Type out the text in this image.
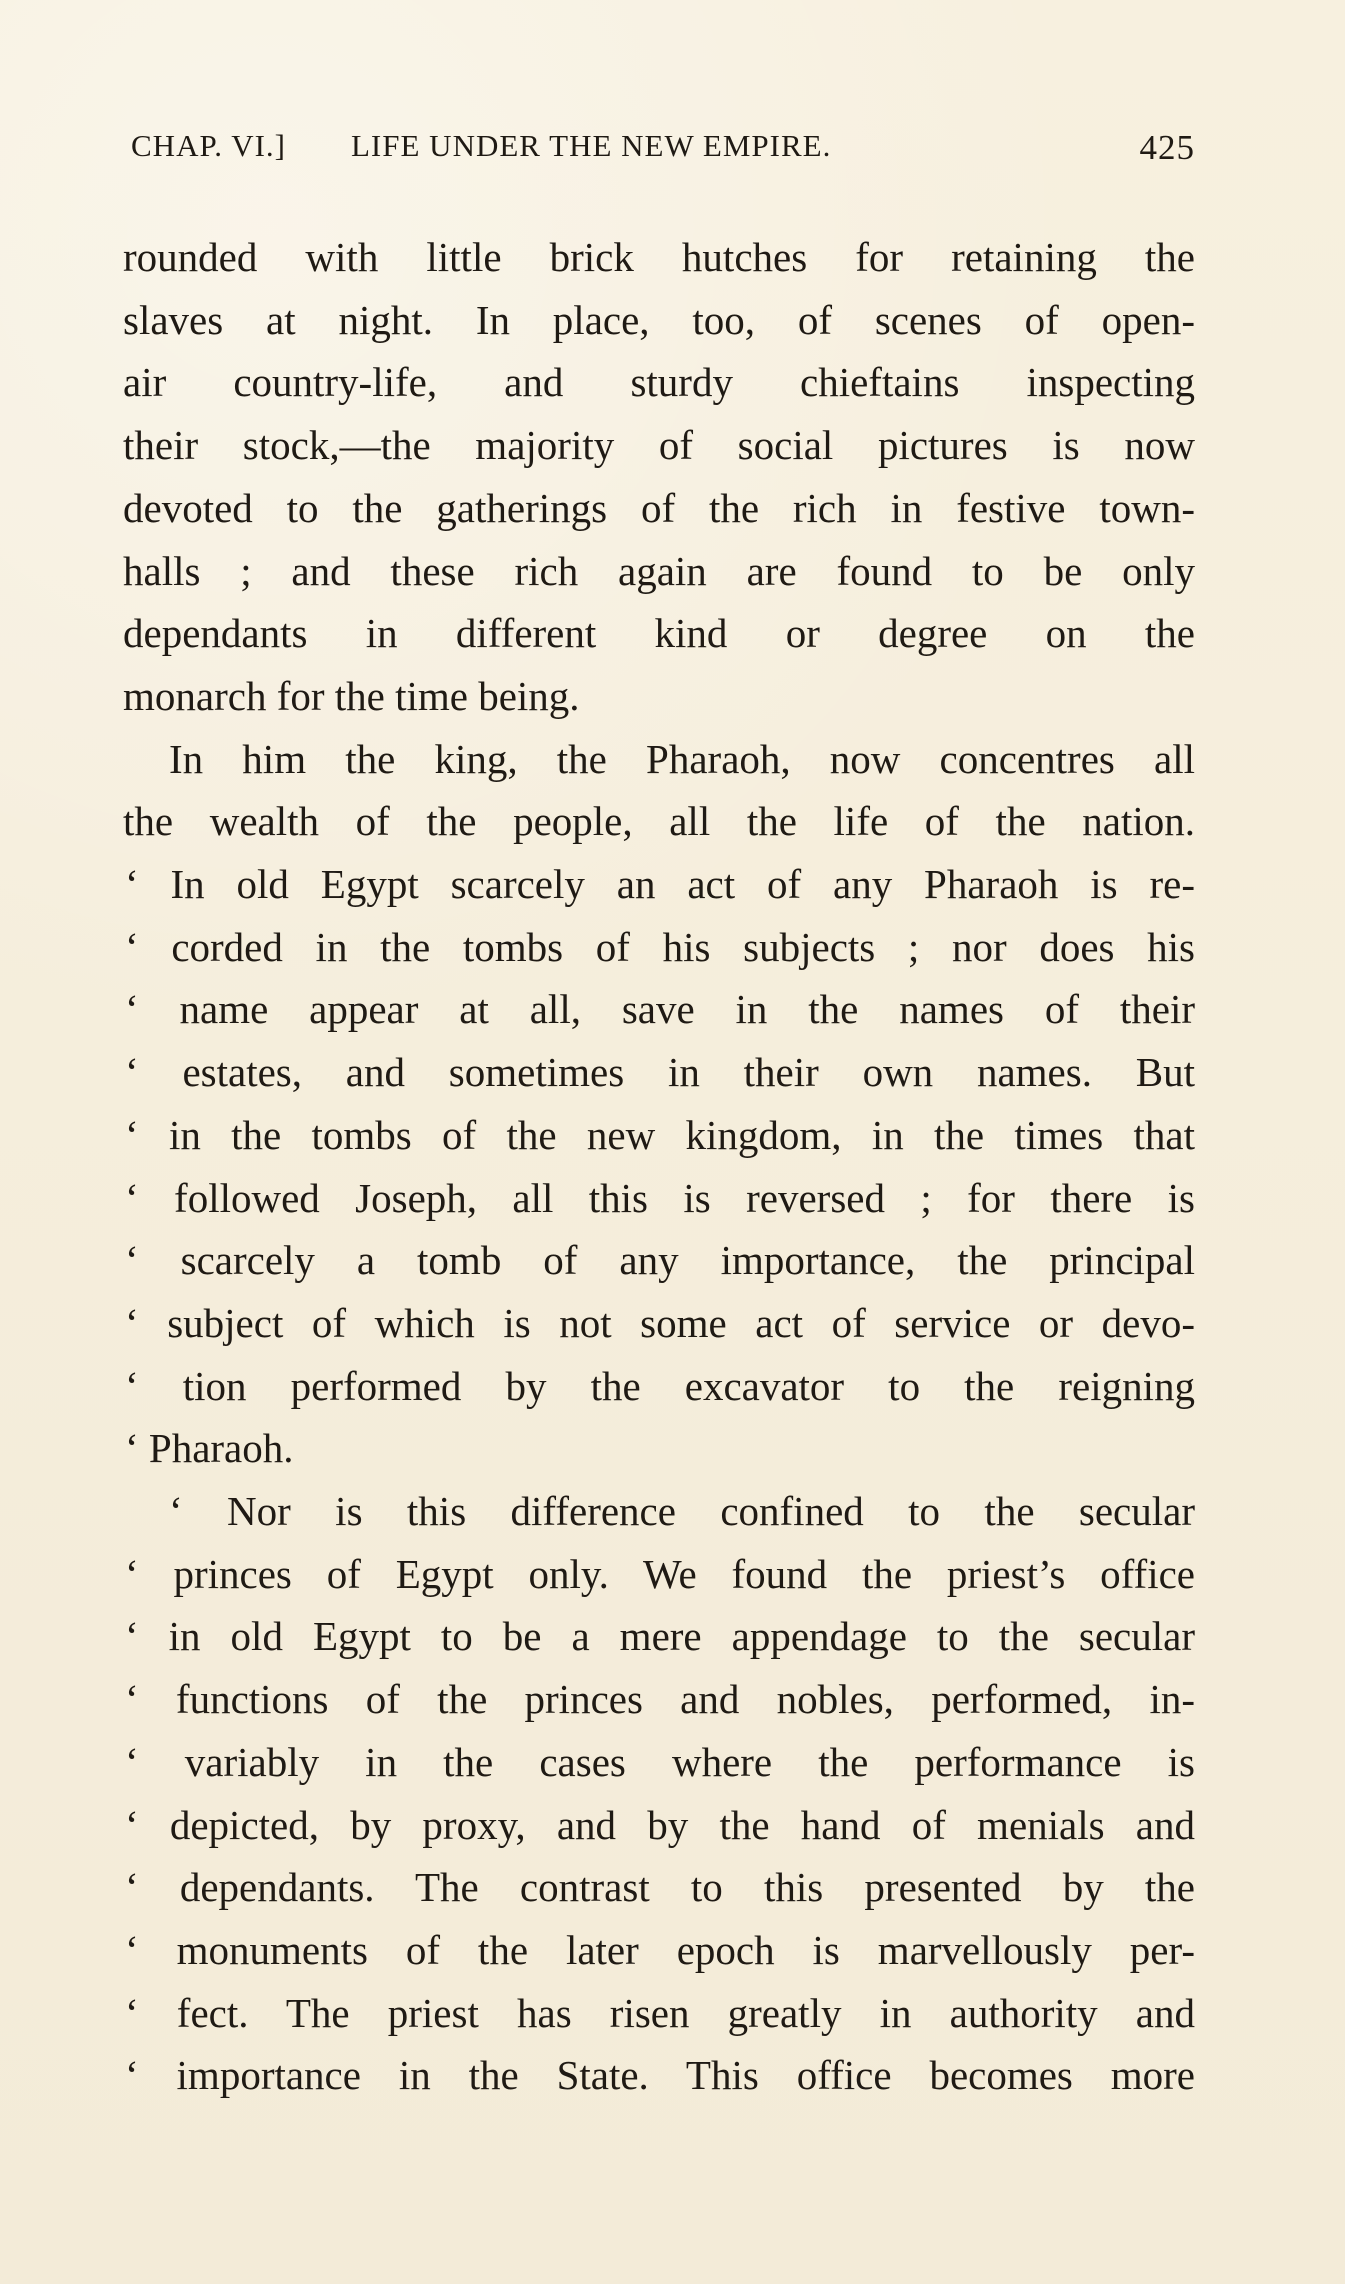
CHAP. VI.] LIFE UNDER THE NEW EMPIRE.	425
rounded with little brick hutches for retaining the
slaves at night. In place, too, of scenes of open-
air country-life, and sturdy chieftains inspecting
their stock,—the majority of social pictures is now
devoted to the gatherings of the rich in festive town-
halls ; and these rich again are found to be only
dependants in different kind or degree on the
monarch for the time being.
In him the king, the Pharaoh, now concentres all
the wealth of the people, all the life of the nation.
‘ In old Egypt scarcely an act of any Pharaoh is re-
‘ corded in the tombs of his subjects ; nor does his
‘ name appear at all, save in the names of their
‘ estates, and sometimes in their own names. But
‘ in the tombs of the new kingdom, in the times that
‘ followed Joseph, all this is reversed ; for there is
‘ scarcely a tomb of any importance, the principal
‘ subject of which is not some act of service or devo-
‘ tion performed by the excavator to the reigning
‘ Pharaoh.
‘ Nor is this difference confined to the secular
‘ princes of Egypt only. We found the priest’s office
‘ in old Egypt to be a mere appendage to the secular
‘ functions of the princes and nobles, performed, in-
‘ variably in the cases where the performance is
‘ depicted, by proxy, and by the hand of menials and
‘ dependants. The contrast to this presented by the
‘ monuments of the later epoch is marvellously per-
‘ fect. The priest has risen greatly in authority and
‘ importance in the State. This office becomes more
